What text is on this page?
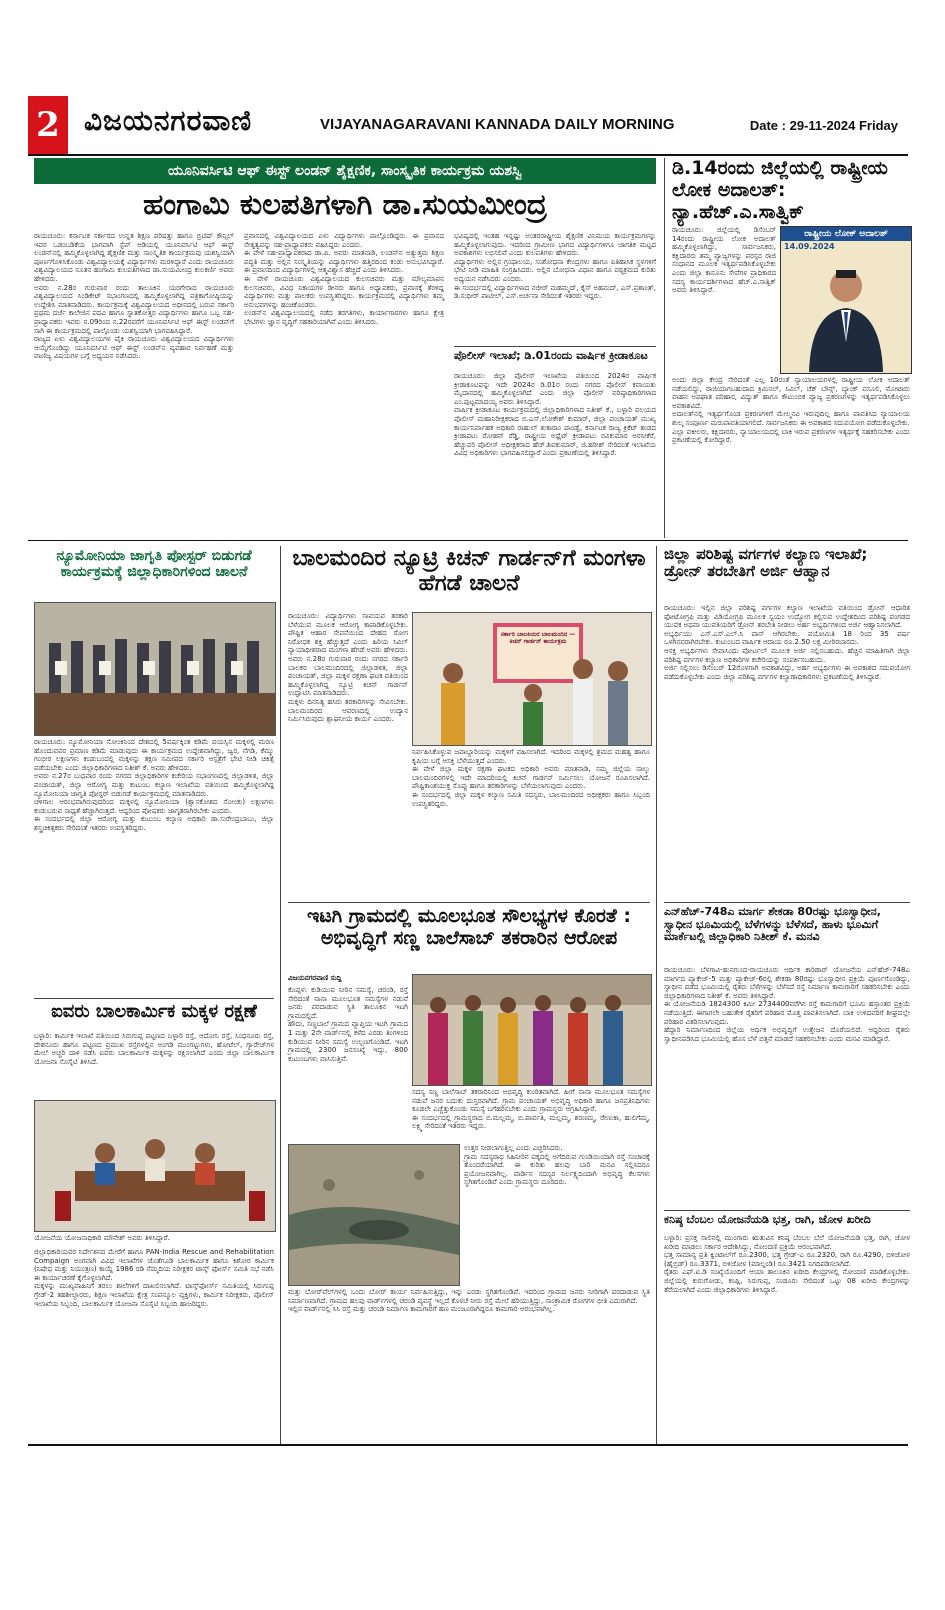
2 ವಿಜಯನಗರವಾಣಿ	VIJAYANAGARAVANI KANNADA DAILY MORNING	Date : 29-11-2024 Friday
ಯೂನಿವರ್ಸಿಟಿ ಆಫ್ ಈಸ್ಟ್ ಲಂಡನ್ ಶೈಕ್ಷಣಿಕ, ಸಾಂಸ್ಕೃತಿಕ ಕಾರ್ಯಕ್ರಮ ಯಶಸ್ವಿ
ಹಂಗಾಮಿ ಕುಲಪತಿಗಳಾಗಿ ಡಾ.ಸುಯಮೀಂದ್ರ
ರಾಯಚೂರು: ಕರ್ನಾಟಕ ಸರ್ಕಾರದ ಉನ್ನತ ಶಿಕ್ಷಣ ಪರಿಷತ್ತು ಹಾಗೂ ಬ್ರಿಟಿಷ್ ಕೌನ್ಸಿಲ್ ಇವರ ಒಡಂಬಡಿಕೆಯ ಭಾಗವಾಗಿ ಸ್ಟೆಪ್ ಆಡಿಯಲ್ಲಿ ಯೂನಿವರ್ಸಿಟಿ ಆಫ್ ಈಸ್ಟ್ ಲಂಡನ್‌ನಲ್ಲಿ ಹಮ್ಮಿಕೊಳ್ಳಲಾಗಿದ್ದ ಶೈಕ್ಷಣಿಕ ಮತ್ತು ಸಾಂಸ್ಕೃತಿಕ ಕಾರ್ಯಕ್ರಮವು ಯಶಸ್ವಿಯಾಗಿ ಪೂರ್ಣಗೊಳಿಸಿಕೊಂಡು ವಿಶ್ವವಿದ್ಯಾಲಯಕ್ಕೆ ವಿದ್ಯಾರ್ಥಿಗಳು ಮರಳಿದ್ದಾರೆ ಎಂದು ರಾಯಚೂರು ವಿಶ್ವವಿದ್ಯಾಲಯದ ನೂತನ ಹಂಗಾಮಿ ಕುಲಪತಿಗಳಾದ ಡಾ.ಸುಯಮೀಂದ್ರ ಕುಲಕರ್ಣಿ ಅವರು ಹೇಳಿದರು.
ಅವರು ನ.28ರ ಗುರುವಾರ ರಂದು ತಾಲೂಕಿನ ಯರಗೇರಾದ ರಾಯಚೂರು ವಿಶ್ವವಿದ್ಯಾಲಯದ ಸಿಂಡಿಕೇಟ್ ಸಭಾಂಗಣದಲ್ಲಿ ಹಮ್ಮಿಕೊಳ್ಳಲಾಗಿದ್ದ ಪತ್ರಿಕಾಗೋಷ್ಠಿಯನ್ನು ಉದ್ದೇಶಿಸಿ ಮಾತನಾಡಿದರು. ಕಾರ್ಯಕ್ರಮಕ್ಕೆ ವಿಶ್ವವಿದ್ಯಾಲಯದ ಅಧೀನದಲ್ಲಿ ಬರುವ ಸರ್ಕಾರಿ ಪ್ರಥಮ ದರ್ಜೆ ಕಾಲೇಜಿನ ಪದವಿ ಹಾಗೂ ಸ್ನಾತಕೋತ್ತರ ವಿದ್ಯಾರ್ಥಿಗಳು ಹಾಗೂ ಒಬ್ಬ ಸಹ-ಪ್ರಾಧ್ಯಾಪಕರು ಇವರು ನ.09ರಿಂದ ನ.22ರವರೆಗೆ ಯೂನಿವರ್ಸಿಟಿ ಆಫ್ ಈಸ್ಟ್ ಲಂಡನ್‌ಗೆ ಸಾಗಿ ಈ ಕಾರ್ಯಕ್ರಮದಲ್ಲಿ ಪಾಲ್ಗೊಂಡು ಯಶಸ್ವಿಯಾಗಿ ಭಾಗವಹಿಸಿದ್ದಾರೆ.
ರಾಜ್ಯದ ಏಳು ವಿಶ್ವವಿದ್ಯಾಲಯಗಳ ಪೈಕಿ ರಾಯಚೂರು ವಿಶ್ವವಿದ್ಯಾಲಯದ ವಿದ್ಯಾರ್ಥಿಗಳು ಆಯ್ಕೆಗೊಂಡಿದ್ದು ಯೂನಿವರ್ಸಿಟಿ ಆಫ್ ಈಸ್ಟ್ ಲಂಡನ್‌ನ ವ್ಯವಹಾರ ನಿರ್ವಹಣೆ ಮತ್ತು ವಾಣಿಜ್ಯ ವಿಷಯಗಳ ಬಗ್ಗೆ ಅಧ್ಯಯನ ನಡೆಸಿದರು.
ಪ್ರವಾಸದಲ್ಲಿ ವಿಶ್ವವಿದ್ಯಾಲಯದ ಏಳು ವಿದ್ಯಾರ್ಥಿಗಳು ಪಾಲ್ಗೊಂಡಿದ್ದರು. ಈ ಪ್ರವಾಸದ ನೇತೃತ್ವವನ್ನು ಸಹ-ಪ್ರಾಧ್ಯಾಪಕರು ವಹಿಸಿದ್ದರು ಎಂದರು.
ಈ ವೇಳೆ ಸಹ-ಪ್ರಾಧ್ಯಾಪಕರಾದ ಡಾ.ಪಿ. ಅವರು ಮಾತನಾಡಿ, ಲಂಡನ್‌ನ ಅತ್ಯುತ್ತಮ ಶಿಕ್ಷಣ ಪದ್ಧತಿ ಮತ್ತು ಅಲ್ಲಿನ ಸಂಸ್ಕೃತಿಯನ್ನು ವಿದ್ಯಾರ್ಥಿಗಳು ಹತ್ತಿರದಿಂದ ಕಂಡು ಅನುಭವಿಸಿದ್ದಾರೆ. ಈ ಪ್ರವಾಸದಿಂದ ವಿದ್ಯಾರ್ಥಿಗಳಲ್ಲಿ ಆತ್ಮವಿಶ್ವಾಸ ಹೆಚ್ಚಿದೆ ಎಂದು ತಿಳಿಸಿದರು.
ಈ ವೇಳೆ ರಾಯಚೂರು ವಿಶ್ವವಿದ್ಯಾಲಯದ ಕುಲಸಚಿವರು ಮತ್ತು ಮೌಲ್ಯಮಾಪನ ಕುಲಸಚಿವರು, ವಿವಿಧ ನಿಕಾಯಗಳ ಡೀನರು ಹಾಗೂ ಅಧ್ಯಾಪಕರು, ಪ್ರವಾಸಕ್ಕೆ ತೆರಳಿದ್ದ ವಿದ್ಯಾರ್ಥಿಗಳು ಮತ್ತು ಪಾಲಕರು ಉಪಸ್ಥಿತರಿದ್ದರು. ಕಾರ್ಯಕ್ರಮದಲ್ಲಿ ವಿದ್ಯಾರ್ಥಿಗಳು ತಮ್ಮ ಅನುಭವಗಳನ್ನು ಹಂಚಿಕೊಂಡರು.
ಲಂಡನ್‌ನ ವಿಶ್ವವಿದ್ಯಾಲಯದಲ್ಲಿ ನಡೆದ ತರಗತಿಗಳು, ಕಾರ್ಯಾಗಾರಗಳು ಹಾಗೂ ಕ್ಷೇತ್ರ ಭೇಟಿಗಳು ಜ್ಞಾನ ವೃದ್ಧಿಗೆ ಸಹಕಾರಿಯಾಗಿವೆ ಎಂದು ತಿಳಿಸಿದರು.
ಭವಿಷ್ಯದಲ್ಲಿ ಇಂತಹ ಇನ್ನಷ್ಟು ಅಂತರರಾಷ್ಟ್ರೀಯ ಶೈಕ್ಷಣಿಕ ವಿನಿಮಯ ಕಾರ್ಯಕ್ರಮಗಳನ್ನು ಹಮ್ಮಿಕೊಳ್ಳಲಾಗುವುದು. ಇದರಿಂದ ಗ್ರಾಮೀಣ ಭಾಗದ ವಿದ್ಯಾರ್ಥಿಗಳಿಗೂ ಜಾಗತಿಕ ಮಟ್ಟದ ಅವಕಾಶಗಳು ಲಭಿಸಲಿವೆ ಎಂದು ಕುಲಪತಿಗಳು ಹೇಳಿದರು.
ವಿದ್ಯಾರ್ಥಿಗಳು ಅಲ್ಲಿನ ಗ್ರಂಥಾಲಯ, ಸಂಶೋಧನಾ ಕೇಂದ್ರಗಳು ಹಾಗೂ ಐತಿಹಾಸಿಕ ಸ್ಥಳಗಳಿಗೆ ಭೇಟಿ ನೀಡಿ ಮಾಹಿತಿ ಸಂಗ್ರಹಿಸಿದರು. ಅಲ್ಲಿನ ಬೋಧನಾ ವಿಧಾನ ಹಾಗೂ ಪಠ್ಯಕ್ರಮದ ಕುರಿತು ಅಧ್ಯಯನ ನಡೆಸಿದರು ಎಂದರು.
ಈ ಸಂದರ್ಭದಲ್ಲಿ ವಿದ್ಯಾರ್ಥಿಗಳಾದ ನಜೀರ್ ಮಹಮ್ಮದ್, ಕೈಸ್ ಅಹಮದ್, ಎಸ್.ಪ್ರಶಾಂತ್, ಡಿ.ಸುಧೀರ್ ಪಾಟೀಲ್, ಎಸ್.ಅರ್ಚನಾ ಸೇರಿದಂತೆ ಇತರರು ಇದ್ದರು.
ಪೊಲೀಸ್ ಇಲಾಖೆ; ಡಿ.01ರಂದು ವಾರ್ಷಿಕ ಕ್ರೀಡಾಕೂಟ
ರಾಯಚೂರು: ಜಿಲ್ಲಾ ಪೊಲೀಸ್ ಇಲಾಖೆಯ ವತಿಯಿಂದ 2024ರ ವಾರ್ಷಿಕ ಕ್ರೀಡಾಕೂಟವನ್ನು ಇದೇ 2024ರ ಡಿ.01ರ ರಂದು ನಗರದ ಪೊಲೀಸ್ ಕವಾಯತು ಮೈದಾನದಲ್ಲಿ ಹಮ್ಮಿಕೊಳ್ಳಲಾಗಿದೆ ಎಂದು ಜಿಲ್ಲಾ ಪೊಲೀಸ್ ವರಿಷ್ಠಾಧಿಕಾರಿಗಳಾದ ಎಂ.ಪುಟ್ಟಮಾದಯ್ಯ ಅವರು ತಿಳಿಸಿದ್ದಾರೆ.
ವಾರ್ಷಿಕ ಕ್ರೀಡಾಕೂಟ ಕಾರ್ಯಕ್ರಮದಲ್ಲಿ ಜಿಲ್ಲಾಧಿಕಾರಿಗಳಾದ ನಿತೀಶ್ ಕೆ., ಬಳ್ಳಾರಿ ವಲಯದ ಪೊಲೀಸ್ ಮಹಾನಿರೀಕ್ಷಕರಾದ ಬಿ.ಎಸ್.ಲೋಕೇಶ್ ಕುಮಾರ್, ಜಿಲ್ಲಾ ಪಂಚಾಯತ್ ಮುಖ್ಯ ಕಾರ್ಯನಿರ್ವಾಹಕ ಅಧಿಕಾರಿ ರಾಹುಲ್ ತುಕಾರಾಂ ಪಾಂಡ್ವೆ, ಕರ್ನಾಟಕ ರಾಜ್ಯ ಕ್ರಿಕೆಟ್ ತಂಡದ ಕ್ರೀಡಾಪಟು ರೋಹನ್ ರೆಡ್ಡಿ, ರಾಷ್ಟ್ರೀಯ ಅಥ್ಲೆಟ್ ಕ್ರೀಡಾಪಟು ರವಿಕುಮಾರ ಅರಸೀಕೆರೆ, ಹೆಚ್ಚುವರಿ ಪೊಲೀಸ್ ಅಧೀಕ್ಷಕರಾದ ಹೆಚ್.ಶಿವಕುಮಾರ್, ಜಿ.ಹರೀಶ್ ಸೇರಿದಂತೆ ಇಲಾಖೆಯ ವಿವಿಧ ಅಧಿಕಾರಿಗಳು ಭಾಗವಹಿಸಲಿದ್ದಾರೆ ಎಂದು ಪ್ರಕಟಣೆಯಲ್ಲಿ ತಿಳಿಸಿದ್ದಾರೆ.
ಡಿ.14ರಂದು ಜಿಲ್ಲೆಯಲ್ಲಿ ರಾಷ್ಟ್ರೀಯ ಲೋಕ ಅದಾಲತ್: ನ್ಯಾ.ಹೆಚ್.ಎ.ಸಾತ್ವಿಕ್
ರಾಯಚೂರು: ಜಿಲ್ಲೆಯಲ್ಲಿ ಡಿಸೆಂಬರ್ 14ರಂದು ರಾಷ್ಟ್ರೀಯ ಲೋಕ ಅದಾಲತ್ ಹಮ್ಮಿಕೊಳ್ಳಲಾಗಿದ್ದು, ಸಾರ್ವಜನಿಕರು, ಕಕ್ಷಿದಾರರು ತಮ್ಮ ವ್ಯಾಜ್ಯಗಳನ್ನು ಪರಸ್ಪರ ರಾಜಿ ಸಂಧಾನದ ಮೂಲಕ ಇತ್ಯರ್ಥಪಡಿಸಿಕೊಳ್ಳಬೇಕು ಎಂದು ಜಿಲ್ಲಾ ಕಾನೂನು ಸೇವೆಗಳ ಪ್ರಾಧಿಕಾರದ ಸದಸ್ಯ ಕಾರ್ಯದರ್ಶಿಗಳಾದ ಹೆಚ್.ಎ.ಸಾತ್ವಿಕ್ ಅವರು ತಿಳಿಸಿದ್ದಾರೆ.
ರಾಷ್ಟ್ರೀಯ ಲೋಕ್ ಅದಾಲತ್
14.09.2024
ಅಂದು ಜಿಲ್ಲಾ ಕೇಂದ್ರ ಸೇರಿದಂತೆ ಎಲ್ಲ 10ರಂತೆ ನ್ಯಾಯಾಲಯಗಳಲ್ಲಿ ರಾಷ್ಟ್ರೀಯ ಲೋಕ ಅದಾಲತ್ ನಡೆಯಲಿದ್ದು, ರಾಜಿಯಾಗಬಹುದಾದ ಕ್ರಿಮಿನಲ್, ಸಿವಿಲ್, ಚೆಕ್ ಬೌನ್ಸ್, ಬ್ಯಾಂಕ್ ವಸೂಲಿ, ಮೋಟಾರು ವಾಹನ ಅಪಘಾತ ಪರಿಹಾರ, ವಿದ್ಯುತ್ ಹಾಗೂ ಕೌಟುಂಬಿಕ ವ್ಯಾಜ್ಯ ಪ್ರಕರಣಗಳನ್ನು ಇತ್ಯರ್ಥಪಡಿಸಿಕೊಳ್ಳಲು ಅವಕಾಶವಿದೆ.
ಅದಾಲತ್‌ನಲ್ಲಿ ಇತ್ಯರ್ಥಗೊಂಡ ಪ್ರಕರಣಗಳಿಗೆ ಮೇಲ್ಮನವಿ ಇರುವುದಿಲ್ಲ ಹಾಗೂ ಪಾವತಿಸಿದ ನ್ಯಾಯಾಲಯ ಶುಲ್ಕ ಸಂಪೂರ್ಣ ಮರುಪಾವತಿಯಾಗಲಿದೆ. ಸಾರ್ವಜನಿಕರು ಈ ಅವಕಾಶದ ಸದುಪಯೋಗ ಪಡೆದುಕೊಳ್ಳಬೇಕು.
ಎಲ್ಲಾ ವಕೀಲರು, ಕಕ್ಷಿದಾರರು, ನ್ಯಾಯಾಲಯದಲ್ಲಿ ಬಾಕಿ ಇರುವ ಪ್ರಕರಣಗಳ ಇತ್ಯರ್ಥಕ್ಕೆ ಸಹಕರಿಸಬೇಕು ಎಂದು ಪ್ರಕಟಣೆಯಲ್ಲಿ ಕೋರಿದ್ದಾರೆ.
ನ್ಯೂಮೋನಿಯಾ ಜಾಗೃತಿ ಪೋಸ್ಟರ್ ಬಿಡುಗಡೆ ಕಾರ್ಯಕ್ರಮಕ್ಕೆ ಜಿಲ್ಲಾಧಿಕಾರಿಗಳಿಂದ ಚಾಲನೆ
ರಾಯಚೂರು: ನ್ಯೂಮೋನಿಯಾ ಸೋಂಕಿನಿಂದ ದೇಶದಲ್ಲಿ 5ವರ್ಷಕ್ಕಿಂತ ಕಡಿಮೆ ವಯಸ್ಸಿನ ಮಕ್ಕಳಲ್ಲಿ ಮರಣ ಹೊಂದುವವರ ಪ್ರಮಾಣ ಕಡಿಮೆ ಮಾಡುವುದು ಈ ಕಾರ್ಯಕ್ರಮದ ಉದ್ದೇಶವಾಗಿದ್ದು, ಜ್ವರ, ನೆಗಡಿ, ಕೆಮ್ಮು ಗಂಭೀರ ಲಕ್ಷಣಗಳು ಕಂಡುಬಂದಲ್ಲಿ ಮಕ್ಕಳನ್ನು ತಕ್ಷಣ ಸಮೀಪದ ಸರ್ಕಾರಿ ಆಸ್ಪತ್ರೆಗೆ ಭೇಟಿ ನೀಡಿ ಚಿಕಿತ್ಸೆ ಪಡೆಯಬೇಕು ಎಂದು ಜಿಲ್ಲಾಧಿಕಾರಿಗಳಾದ ನಿತೀಶ್ ಕೆ. ಅವರು ಹೇಳಿದರು.
ಅವರು ನ.27ರ ಬುಧವಾರ ರಂದು ನಗರದ ಜಿಲ್ಲಾಧಿಕಾರಿಗಳ ಕಚೇರಿಯ ಸಭಾಂಗಣದಲ್ಲಿ ಜಿಲ್ಲಾಡಳಿತ, ಜಿಲ್ಲಾ ಪಂಚಾಯತ್, ಜಿಲ್ಲಾ ಆರೋಗ್ಯ ಮತ್ತು ಕುಟುಂಬ ಕಲ್ಯಾಣ ಇಲಾಖೆಯ ವತಿಯಿಂದ ಹಮ್ಮಿಕೊಳ್ಳಲಾಗಿದ್ದ ನ್ಯೂಮೋನಿಯಾ ಜಾಗೃತಿ ಪೋಸ್ಟರ್ ಬಿಡುಗಡೆ ಕಾರ್ಯಕ್ರಮದಲ್ಲಿ ಮಾತನಾಡಿದರು.
ಚಳಿಗಾಲ ಆರಂಭವಾಗಿರುವುದರಿಂದ ಮಕ್ಕಳಲ್ಲಿ ನ್ಯೂಮೋನಿಯಾ (ಶ್ವಾಸಕೋಶದ ಸೋಂಕು) ಲಕ್ಷಣಗಳು ಕಂಡುಬರುವ ಸಾಧ್ಯತೆ ಹೆಚ್ಚಾಗಿರುತ್ತದೆ. ಆದ್ದರಿಂದ ಪೋಷಕರು ಜಾಗೃತರಾಗಿರಬೇಕು ಎಂದರು.
ಈ ಸಂದರ್ಭದಲ್ಲಿ ಜಿಲ್ಲಾ ಆರೋಗ್ಯ ಮತ್ತು ಕುಟುಂಬ ಕಲ್ಯಾಣ ಅಧಿಕಾರಿ ಡಾ.ಸುರೇಂದ್ರಬಾಬು, ಜಿಲ್ಲಾ ಶಸ್ತ್ರಚಿಕಿತ್ಸಕರು ಸೇರಿದಂತೆ ಇತರರು ಉಪಸ್ಥಿತರಿದ್ದರು.
ಐವರು ಬಾಲಕಾರ್ಮಿಕ ಮಕ್ಕಳ ರಕ್ಷಣೆ
ಬಳ್ಳಾರಿ: ಕಾರ್ಮಿಕ ಇಲಾಖೆ ವತಿಯಿಂದ ಸಿರುಗುಪ್ಪ ಪಟ್ಟಣದ ಬಳ್ಳಾರಿ ರಸ್ತೆ, ಆದೋನಿ ರಸ್ತೆ, ಸಿಂಧನೂರು ರಸ್ತೆ, ದೇಶನೂರು ಹಾಗೂ ಪಟ್ಟಣದ ಪ್ರಮುಖ ರಸ್ತೆಗಳಲ್ಲಿನ ಅಂಗಡಿ ಮುಂಗಟ್ಟುಗಳು, ಹೋಟೆಲ್, ಗ್ಯಾರೇಜ್‌ಗಳ ಮೇಲೆ ಅಚ್ಚರಿ ದಾಳಿ ನಡೆಸಿ ಐವರು ಬಾಲಕಾರ್ಮಿಕ ಮಕ್ಕಳನ್ನು ರಕ್ಷಿಸಲಾಗಿದೆ ಎಂದು ಜಿಲ್ಲಾ ಬಾಲಕಾರ್ಮಿಕ ಯೋಜನಾ ಸೊಸೈಟಿ ತಿಳಿಸಿದೆ.
ಯೋಜನೆಯ ಯೋಜನಾಧಿಕಾರಿ ಮೌನೇಶ್ ಅವರು ತಿಳಿಸಿದ್ದಾರೆ.
ಜಿಲ್ಲಾಧಿಕಾರಿಯವರ ನಿರ್ದೇಶನದ ಮೇರೆಗೆ ಹಾಗೂ PAN-India Rescue and Rehabilitation Compaign ಅಂಗವಾಗಿ ವಿವಿಧ ಇಲಾಖೆಗಳ ಜೊತೆಗೂಡಿ ಬಾಲಕಾರ್ಮಿಕ ಹಾಗೂ ಕಿಶೋರ ಕಾರ್ಮಿಕ (ನಿಷೇಧ ಮತ್ತು ನಿಯಂತ್ರಣ) ಕಾಯ್ದೆ 1986 ರಡಿ ನೆಮ್ಮದಿಯ ನಿರೀಕ್ಷಕರ ಟಾಸ್ಕ್ ಫೋರ್ಸ್ ಸಮಿತಿ ಸಭೆ ನಡೆಸಿ ಈ ಕಾರ್ಯಾಚರಣೆ ಕೈಗೊಳ್ಳಲಾಗಿದೆ.
ಮಕ್ಕಳನ್ನು ಮುಖ್ಯವಾಹಿನಿಗೆ ತರಲು ಶಾಲೆಗಳಿಗೆ ದಾಖಲಿಸಲಾಗಿದೆ. ಟಾಸ್ಕ್‌ಫೋರ್ಸ್ ಸಮಿತಿಯಲ್ಲಿ ಸಿರುಗುಪ್ಪ ಗ್ರೇಡ್-2 ತಹಶೀಲ್ದಾರರು, ಶಿಕ್ಷಣ ಇಲಾಖೆಯ ಕ್ಷೇತ್ರ ಸಂಪನ್ಮೂಲ ವ್ಯಕ್ತಿಗಳು, ಕಾರ್ಮಿಕ ನಿರೀಕ್ಷಕರು, ಪೊಲೀಸ್ ಇಲಾಖೆಯ ಸಿಬ್ಬಂದಿ, ಬಾಲಕಾರ್ಮಿಕ ಯೋಜನಾ ಸೊಸೈಟಿ ಸಿಬ್ಬಂದಿ ಹಾಜರಿದ್ದರು.
ಬಾಲಮಂದಿರ ನ್ಯೂಟ್ರಿ ಕಿಚನ್ ಗಾರ್ಡನ್‌ಗೆ ಮಂಗಳಾ ಹೆಗಡೆ ಚಾಲನೆ
ರಾಯಚೂರು: ವಿದ್ಯಾರ್ಥಿಗಳು ಸಾವಯವ ತರಕಾರಿ ಬೆಳೆಯುವ ಮೂಲಕ ಆರೋಗ್ಯ ಕಾಪಾಡಿಕೊಳ್ಳಬೇಕು. ಪೌಷ್ಟಿಕ ಆಹಾರ ಸೇವನೆಯಿಂದ ದೇಹದ ರೋಗ ನಿರೋಧಕ ಶಕ್ತಿ ಹೆಚ್ಚುತ್ತದೆ ಎಂದು ಹಿರಿಯ ಸಿವಿಲ್ ನ್ಯಾಯಾಧೀಶರಾದ ಮಂಗಳಾ ಹೆಗಡೆ ಅವರು ಹೇಳಿದರು.
ಅವರು ನ.28ರ ಗುರುವಾರ ರಂದು ನಗರದ ಸರ್ಕಾರಿ ಬಾಲಕರ ಬಾಲಮಂದಿರದಲ್ಲಿ ಜಿಲ್ಲಾಡಳಿತ, ಜಿಲ್ಲಾ ಪಂಚಾಯತ್, ಜಿಲ್ಲಾ ಮಕ್ಕಳ ರಕ್ಷಣಾ ಘಟಕ ವತಿಯಿಂದ ಹಮ್ಮಿಕೊಳ್ಳಲಾಗಿದ್ದ ನ್ಯೂಟ್ರಿ ಕಿಚನ್ ಗಾರ್ಡನ್ ಉದ್ಘಾಟಿಸಿ ಮಾತನಾಡಿದರು.
ಮಕ್ಕಳು ದಿನನಿತ್ಯ ಹಸಿರು ತರಕಾರಿಗಳನ್ನು ಸೇವಿಸಬೇಕು. ಬಾಲಮಂದಿರದ ಆವರಣದಲ್ಲಿ ಉದ್ಯಾನ ನಿರ್ಮಿಸಿರುವುದು ಶ್ಲಾಘನೀಯ ಕಾರ್ಯ ಎಂದರು.
ಸರ್ಕಾರಿ ಬಾಲಕಿಯರ ಬಾಲಮಂದಿರ — ಕಿಚನ್ ಗಾರ್ಡನ್ ಕಾರ್ಯಕ್ರಮ
ನಿರ್ವಹಿಸಿಕೊಳ್ಳುವ ಜವಾಬ್ದಾರಿಯನ್ನು ಮಕ್ಕಳಿಗೆ ವಹಿಸಲಾಗಿದೆ. ಇದರಿಂದ ಮಕ್ಕಳಲ್ಲಿ ಶ್ರಮದ ಮಹತ್ವ ಹಾಗೂ ಕೃಷಿಯ ಬಗ್ಗೆ ಆಸಕ್ತಿ ಬೆಳೆಯುತ್ತದೆ ಎಂದರು.
ಈ ವೇಳೆ ಜಿಲ್ಲಾ ಮಕ್ಕಳ ರಕ್ಷಣಾ ಘಟಕದ ಅಧಿಕಾರಿ ಅವರು ಮಾತನಾಡಿ, ನಮ್ಮ ಜಿಲ್ಲೆಯ ನಾಲ್ಕು ಬಾಲಮಂದಿರಗಳಲ್ಲಿ ಇದೇ ಮಾದರಿಯಲ್ಲಿ ಕಿಚನ್ ಗಾರ್ಡನ್ ನಿರ್ಮಿಸಲು ಯೋಜನೆ ರೂಪಿಸಲಾಗಿದೆ. ಪೌಷ್ಟಿಕಾಂಶಯುಕ್ತ ಸೊಪ್ಪು ಹಾಗೂ ತರಕಾರಿಗಳನ್ನು ಬೆಳೆಯಲಾಗುವುದು ಎಂದರು.
ಈ ಸಂದರ್ಭದಲ್ಲಿ ಜಿಲ್ಲಾ ಮಕ್ಕಳ ಕಲ್ಯಾಣ ಸಮಿತಿ ಸದಸ್ಯರು, ಬಾಲಮಂದಿರದ ಅಧೀಕ್ಷಕರು ಹಾಗೂ ಸಿಬ್ಬಂದಿ ಉಪಸ್ಥಿತರಿದ್ದರು.
ಇಟಗಿ ಗ್ರಾಮದಲ್ಲಿ ಮೂಲಭೂತ ಸೌಲಭ್ಯಗಳ ಕೊರತೆ : ಅಭಿವೃದ್ಧಿಗೆ ಸಣ್ಣ ಬಾಲೆಸಾಬ್ ತಕರಾರಿನ ಆರೋಪ
ವಿಜಯನಗರವಾಣಿ ಸುದ್ದಿ
ಕೊಪ್ಪಳ: ಕುಡಿಯುವ ನೀರಿನ ಸಮಸ್ಯೆ, ಚರಂಡಿ, ರಸ್ತೆ ಸೇರಿದಂತೆ ನಾನಾ ಮೂಲಭೂತ ಸಮಸ್ಯೆಗಳ ನಡುವೆ ಜನರು ಪರದಾಡುವ ಸ್ಥಿತಿ ತಾಲೂಕಿನ ಇಟಗಿ ಗ್ರಾಮದಲ್ಲಿದೆ.
ಹೌದು, ಸಣ್ಣಬಾಲೆ ಗ್ರಾಮದ ವ್ಯಾಪ್ತಿಯ ಇಟಗಿ ಗ್ರಾಮದ 1 ಮತ್ತು 2ನೇ ವಾರ್ಡ್‌ನಲ್ಲಿ ಕಳೆದ ಎರಡು ತಿಂಗಳಿಂದ ಕುಡಿಯುವ ನೀರಿನ ಸಮಸ್ಯೆ ಉಲ್ಬಣಗೊಂಡಿದೆ. ಇಟಗಿ ಗ್ರಾಮದಲ್ಲಿ 2300 ಜನಸಂಖ್ಯೆ ಇದ್ದು, 800 ಕುಟುಂಬಗಳು ವಾಸಿಸುತ್ತಿವೆ.
ಸದಸ್ಯ ಸಣ್ಣ ಬಾಲೆಸಾಬ್ ತಕರಾರಿನಿಂದ ಅಭಿವೃದ್ಧಿ ಕುಂಠಿತವಾಗಿದೆ. ಹೀಗೆ ನಾನಾ ಮೂಲಭೂತ ಸಮಸ್ಯೆಗಳ ನಡುವೆ ಜನರ ಬದುಕು ದುಸ್ತರವಾಗಿದೆ. ಗ್ರಾಮ ಪಂಚಾಯತ್ ಅಭಿವೃದ್ಧಿ ಅಧಿಕಾರಿ ಹಾಗೂ ಜನಪ್ರತಿನಿಧಿಗಳು ಕೂಡಲೇ ಎಚ್ಚೆತ್ತುಕೊಂಡು ಸಮಸ್ಯೆ ಬಗೆಹರಿಸಬೇಕು ಎಂದು ಗ್ರಾಮಸ್ಥರು ಆಗ್ರಹಿಸಿದ್ದಾರೆ.
ಈ ಸಂದರ್ಭದಲ್ಲಿ ಗ್ರಾಮಸ್ಥರಾದ ಬಿ.ಮಲ್ಲಮ್ಮ, ಬಿ.ಪಾರ್ವತಿ, ಮಲ್ಲಮ್ಮ, ಶರಣಮ್ಮ, ರೇಣುಕಾ, ಹುಲಿಗೆಮ್ಮ, ಲಕ್ಷ್ಮಿ ಸೇರಿದಂತೆ ಇತರರು ಇದ್ದರು.
ಉತ್ತರ ನೀಡಲಾಗುತ್ತಿಲ್ಲ ಎಂದು ಎಚ್ಚರಿಸಿದರು.
ಗ್ರಾಮ ಸದಸ್ಯರಾಧ ಸಿಹಿನೀರಿನ ಪಕ್ಕದಲ್ಲಿ ಅಗೆದಿರುವ ಗುಂಡಿಯಿಂದಾಗಿ ರಸ್ತೆ ಸಂಚಾರಕ್ಕೆ ತೊಂದರೆಯಾಗಿದೆ. ಈ ಕುರಿತು ಹಲವು ಬಾರಿ ಮನವಿ ಸಲ್ಲಿಸಿದರೂ ಪ್ರಯೋಜನವಾಗಿಲ್ಲ. ವಾರ್ಡಿನ ಸದಸ್ಯರ ನಿರ್ಲಕ್ಷ್ಯದಿಂದಾಗಿ ಅಭಿವೃದ್ಧಿ ಕೆಲಸಗಳು ಸ್ಥಗಿತಗೊಂಡಿವೆ ಎಂದು ಗ್ರಾಮಸ್ಥರು ದೂರಿದರು.
ಮತ್ತು ಬೋರ್‌ವೆಲ್‌ಗಳಲ್ಲಿ ಒಂದು ಬೋರ್ ಕಾರ್ಯ ನಿರ್ವಹಿಸುತ್ತಿದ್ದು, ಇನ್ನು ಎರಡು ಸ್ಥಗಿತಗೊಂಡಿವೆ. ಇದರಿಂದ ಗ್ರಾಮದ ಜನರು ನೀರಿಗಾಗಿ ಪರದಾಡುವ ಸ್ಥಿತಿ ನಿರ್ಮಾಣವಾಗಿದೆ. ಗ್ರಾಮದ ಹಲವು ವಾರ್ಡ್‌ಗಳಲ್ಲಿ ಚರಂಡಿ ವ್ಯವಸ್ಥೆ ಇಲ್ಲದೆ ಕೊಳಚೆ ನೀರು ರಸ್ತೆ ಮೇಲೆ ಹರಿಯುತ್ತಿದ್ದು, ಸಾಂಕ್ರಾಮಿಕ ರೋಗಗಳ ಭೀತಿ ಎದುರಾಗಿದೆ.
ಇಲ್ಲಿನ ವಾರ್ಡ್‌ನಲ್ಲಿ ಸಿಸಿ ರಸ್ತೆ ಮತ್ತು ಚರಂಡಿ ನಿರ್ಮಾಣ ಕಾಮಗಾರಿಗೆ ಹಣ ಮಂಜೂರಾಗಿದ್ದರೂ ಕಾಮಗಾರಿ ಆರಂಭವಾಗಿಲ್ಲ.
ಜಿಲ್ಲಾ ಪರಿಶಿಷ್ಟ ವರ್ಗಗಳ ಕಲ್ಯಾಣ ಇಲಾಖೆ; ಡ್ರೋನ್ ತರಬೇತಿಗೆ ಅರ್ಜಿ ಆಹ್ವಾನ
ರಾಯಚೂರು: ಇಲ್ಲಿನ ಜಿಲ್ಲಾ ಪರಿಶಿಷ್ಟ ವರ್ಗಗಳ ಕಲ್ಯಾಣ ಇಲಾಖೆಯ ವತಿಯಿಂದ ಡ್ರೋನ್ ಆಧಾರಿತ ಫೋಟೋಗ್ರಫಿ ಮತ್ತು ವಿಡಿಯೋಗ್ರಫಿ ಮೂಲಕ ಸ್ವಯಂ ಉದ್ಯೋಗ ಕಲ್ಪಿಸುವ ಉದ್ದೇಶದಿಂದ ಪರಿಶಿಷ್ಟ ಪಂಗಡದ ಯುವಕ ಅಥವಾ ಯುವತಿಯರಿಗೆ ಡ್ರೋನ್ ತರಬೇತಿ ನೀಡಲು ಅರ್ಹ ಅಭ್ಯರ್ಥಿಗಳಿಂದ ಅರ್ಜಿ ಆಹ್ವಾನಿಸಲಾಗಿದೆ.
ಅಭ್ಯರ್ಥಿಯು ಎಸ್.ಎಸ್.ಎಲ್.ಸಿ ಪಾಸ್ ಆಗಿರಬೇಕು. ವಯೋಮಿತಿ 18 ರಿಂದ 35 ವರ್ಷ ಒಳಗಿನವರಾಗಿರಬೇಕು. ಕುಟುಂಬದ ವಾರ್ಷಿಕ ಆದಾಯ ರೂ.2.50 ಲಕ್ಷ ಮೀರಿರಬಾರದು.
ಆಸಕ್ತ ಅಭ್ಯರ್ಥಿಗಳು ಸೇವಾಸಿಂಧು ಪೋರ್ಟಲ್ ಮೂಲಕ ಅರ್ಜಿ ಸಲ್ಲಿಸಬಹುದು. ಹೆಚ್ಚಿನ ಮಾಹಿತಿಗಾಗಿ ಜಿಲ್ಲಾ ಪರಿಶಿಷ್ಟ ವರ್ಗಗಳ ಕಲ್ಯಾಣ ಅಧಿಕಾರಿಗಳ ಕಚೇರಿಯನ್ನು ಸಂಪರ್ಕಿಸಬಹುದು.
ಅರ್ಜಿ ಸಲ್ಲಿಸಲು ಡಿಸೆಂಬರ್ 12ರೊಳಗಾಗಿ ಅವಕಾಶವಿದ್ದು, ಅರ್ಹ ಅಭ್ಯರ್ಥಿಗಳು ಈ ಅವಕಾಶದ ಸದುಪಯೋಗ ಪಡೆದುಕೊಳ್ಳಬೇಕು ಎಂದು ಜಿಲ್ಲಾ ಪರಿಶಿಷ್ಟ ವರ್ಗಗಳ ಕಲ್ಯಾಣಾಧಿಕಾರಿಗಳು ಪ್ರಕಟಣೆಯಲ್ಲಿ ತಿಳಿಸಿದ್ದಾರೆ.
ಎನ್‌ಹೆಚ್-748ಎ ಮಾರ್ಗ ಶೇಕಡಾ 80ರಷ್ಟು ಭೂಸ್ವಾಧೀನ, ಸ್ವಾಧೀನ ಭೂಮಿಯಲ್ಲಿ ಬೆಳೆಗಳನ್ನು ಬೆಳೆಸದೆ, ಹಾಳು ಭೂಮಿಗೆ ಮಾರ್ಕೆಟಲ್ಲಿ ಜಿಲ್ಲಾಧಿಕಾರಿ ನಿತೀಶ್ ಕೆ. ಮನವಿ
ರಾಯಚೂರು: ಬೆಳಗಾವಿ-ಹುನಗುಂದ-ರಾಯಚೂರು ಆರ್ಥಿಕ ಕಾರಿಡಾರ್ ಯೋಜನೆಯ ಎನ್‌ಹೆಚ್-748ಎ ಮಾರ್ಗದ ಪ್ಯಾಕೇಜ್-5 ಮತ್ತು ಪ್ಯಾಕೇಜ್-6ರಲ್ಲಿ ಶೇಕಡಾ 80ರಷ್ಟು ಭೂಸ್ವಾಧೀನ ಪ್ರಕ್ರಿಯೆ ಪೂರ್ಣಗೊಂಡಿದ್ದು, ಸ್ವಾಧೀನ ಪಡೆದ ಭೂಮಿಯಲ್ಲಿ ರೈತರು ಬೆಳೆಗಳನ್ನು ಬೆಳೆಸದೆ ರಸ್ತೆ ನಿರ್ಮಾಣ ಕಾಮಗಾರಿಗೆ ಸಹಕರಿಸಬೇಕು ಎಂದು ಜಿಲ್ಲಾಧಿಕಾರಿಗಳಾದ ನಿತೀಶ್ ಕೆ. ಅವರು ತಿಳಿಸಿದ್ದಾರೆ.
ಈ ಯೋಜನೆಯಡಿ 1824300 ಕಿಮೀ 2734400ವರೆಗಿನ ರಸ್ತೆ ಕಾಮಗಾರಿಗೆ ಭೂಮಿ ಹಸ್ತಾಂತರ ಪ್ರಕ್ರಿಯೆ ನಡೆಯುತ್ತಿದೆ. ಈಗಾಗಲೇ ಬಹುತೇಕ ರೈತರಿಗೆ ಪರಿಹಾರ ಮೊತ್ತ ಪಾವತಿಸಲಾಗಿದೆ. ಬಾಕಿ ಉಳಿದವರಿಗೆ ಶೀಘ್ರದಲ್ಲೇ ಪರಿಹಾರ ವಿತರಿಸಲಾಗುವುದು.
ಹೆದ್ದಾರಿ ನಿರ್ಮಾಣದಿಂದ ಜಿಲ್ಲೆಯ ಆರ್ಥಿಕ ಅಭಿವೃದ್ಧಿಗೆ ಉತ್ತೇಜನ ದೊರೆಯಲಿದೆ. ಆದ್ದರಿಂದ ರೈತರು ಸ್ವಾಧೀನಪಡಿಸಿದ ಭೂಮಿಯಲ್ಲಿ ಹೊಸ ಬೆಳೆ ಬಿತ್ತನೆ ಮಾಡದೆ ಸಹಕರಿಸಬೇಕು ಎಂದು ಮನವಿ ಮಾಡಿದ್ದಾರೆ.
ಕನಿಷ್ಠ ಬೆಂಬಲ ಯೋಜನೆಯಡಿ ಭತ್ತ, ರಾಗಿ, ಜೋಳ ಖರೀದಿ
ಬಳ್ಳಾರಿ: ಪ್ರಸಕ್ತ ಸಾಲಿನಲ್ಲಿ ಮುಂಗಾರು ಋತುವಿನ ಕನಿಷ್ಠ ಬೆಂಬಲ ಬೆಲೆ ಯೋಜನೆಯಡಿ ಭತ್ತ, ರಾಗಿ, ಜೋಳ ಖರೀದಿ ಮಾಡಲು ಸರ್ಕಾರ ಆದೇಶಿಸಿದ್ದು, ನೋಂದಣಿ ಪ್ರಕ್ರಿಯೆ ಆರಂಭವಾಗಿದೆ.
ಭತ್ತ ಸಾಮಾನ್ಯ ಪ್ರತಿ ಕ್ವಿಂಟಾಲ್‌ಗೆ ರೂ.2300, ಭತ್ತ ಗ್ರೇಡ್-ಎ ರೂ.2320, ರಾಗಿ ರೂ.4290, ಬಿಳಿಜೋಳ (ಹೈಬ್ರಿಡ್) ರೂ.3371, ಬಿಳಿಜೋಳ (ಮಾಲ್ದಂಡಿ) ರೂ.3421 ನಿಗದಿಪಡಿಸಲಾಗಿದೆ.
ರೈತರು ಎಫ್.ಐ.ಡಿ ಸಂಖ್ಯೆಯೊಂದಿಗೆ ಆಯಾ ತಾಲೂಕಿನ ಖರೀದಿ ಕೇಂದ್ರಗಳಲ್ಲಿ ನೋಂದಣಿ ಮಾಡಿಕೊಳ್ಳಬೇಕು. ಜಿಲ್ಲೆಯಲ್ಲಿ ಕುರುಗೋಡು, ಕಂಪ್ಲಿ, ಸಿರುಗುಪ್ಪ, ಸಂಡೂರು ಸೇರಿದಂತೆ ಒಟ್ಟು 08 ಖರೀದಿ ಕೇಂದ್ರಗಳನ್ನು ತೆರೆಯಲಾಗಿದೆ ಎಂದು ಜಿಲ್ಲಾಧಿಕಾರಿಗಳು ತಿಳಿಸಿದ್ದಾರೆ.
